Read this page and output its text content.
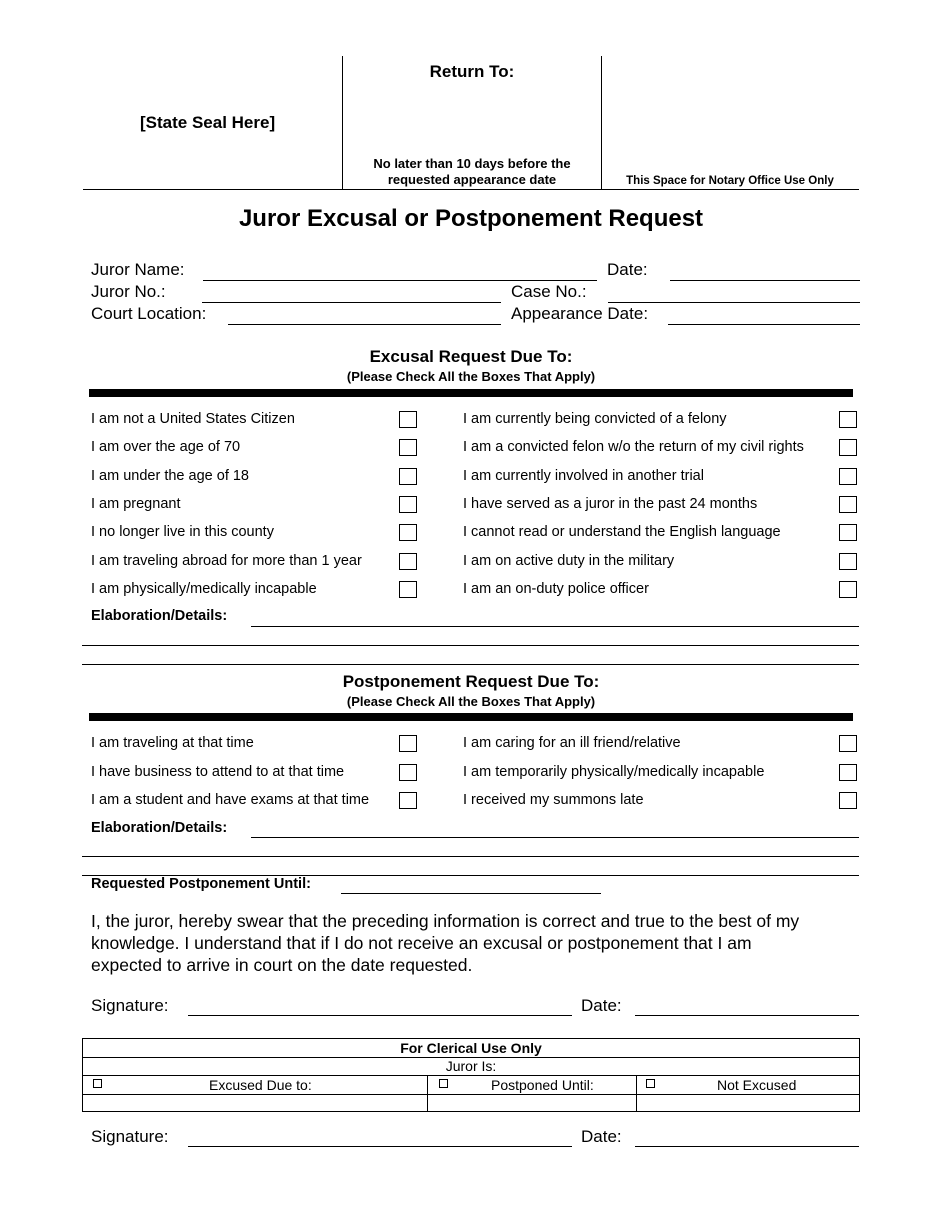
[State Seal Here]
Return To:
No later than 10 days before the
requested appearance date	This Space for Notary Office Use Only
Juror Excusal or Postponement Request
Juror Name:	Date:
Juror No.:	Case No.:
Court Location:	Appearance Date:
Excusal Request Due To:
(Please Check All the Boxes That Apply)
I am not a United States Citizen
I am over the age of 70
I am under the age of 18
I am pregnant
I no longer live in this county
I am traveling abroad for more than 1 year
I am physically/medically incapable
I am currently being convicted of a felony
I am a convicted felon w/o the return of my civil rights
I am currently involved in another trial
I have served as a juror in the past 24 months
I cannot read or understand the English language
I am on active duty in the military
I am an on-duty police officer
Elaboration/Details:
Postponement Request Due To:
(Please Check All the Boxes That Apply)
I am traveling at that time
I have business to attend to at that time
I am a student and have exams at that time
I am caring for an ill friend/relative
I am temporarily physically/medically incapable
I received my summons late
Elaboration/Details:
Requested Postponement Until:
I, the juror, hereby swear that the preceding information is correct and true to the best of my
knowledge. I understand that if I do not receive an excusal or postponement that I am
expected to arrive in court on the date requested.
Signature:	Date:
For Clerical Use Only
Juror Is:
Excused Due to:	Postponed Until:	Not Excused
Signature:	Date:
